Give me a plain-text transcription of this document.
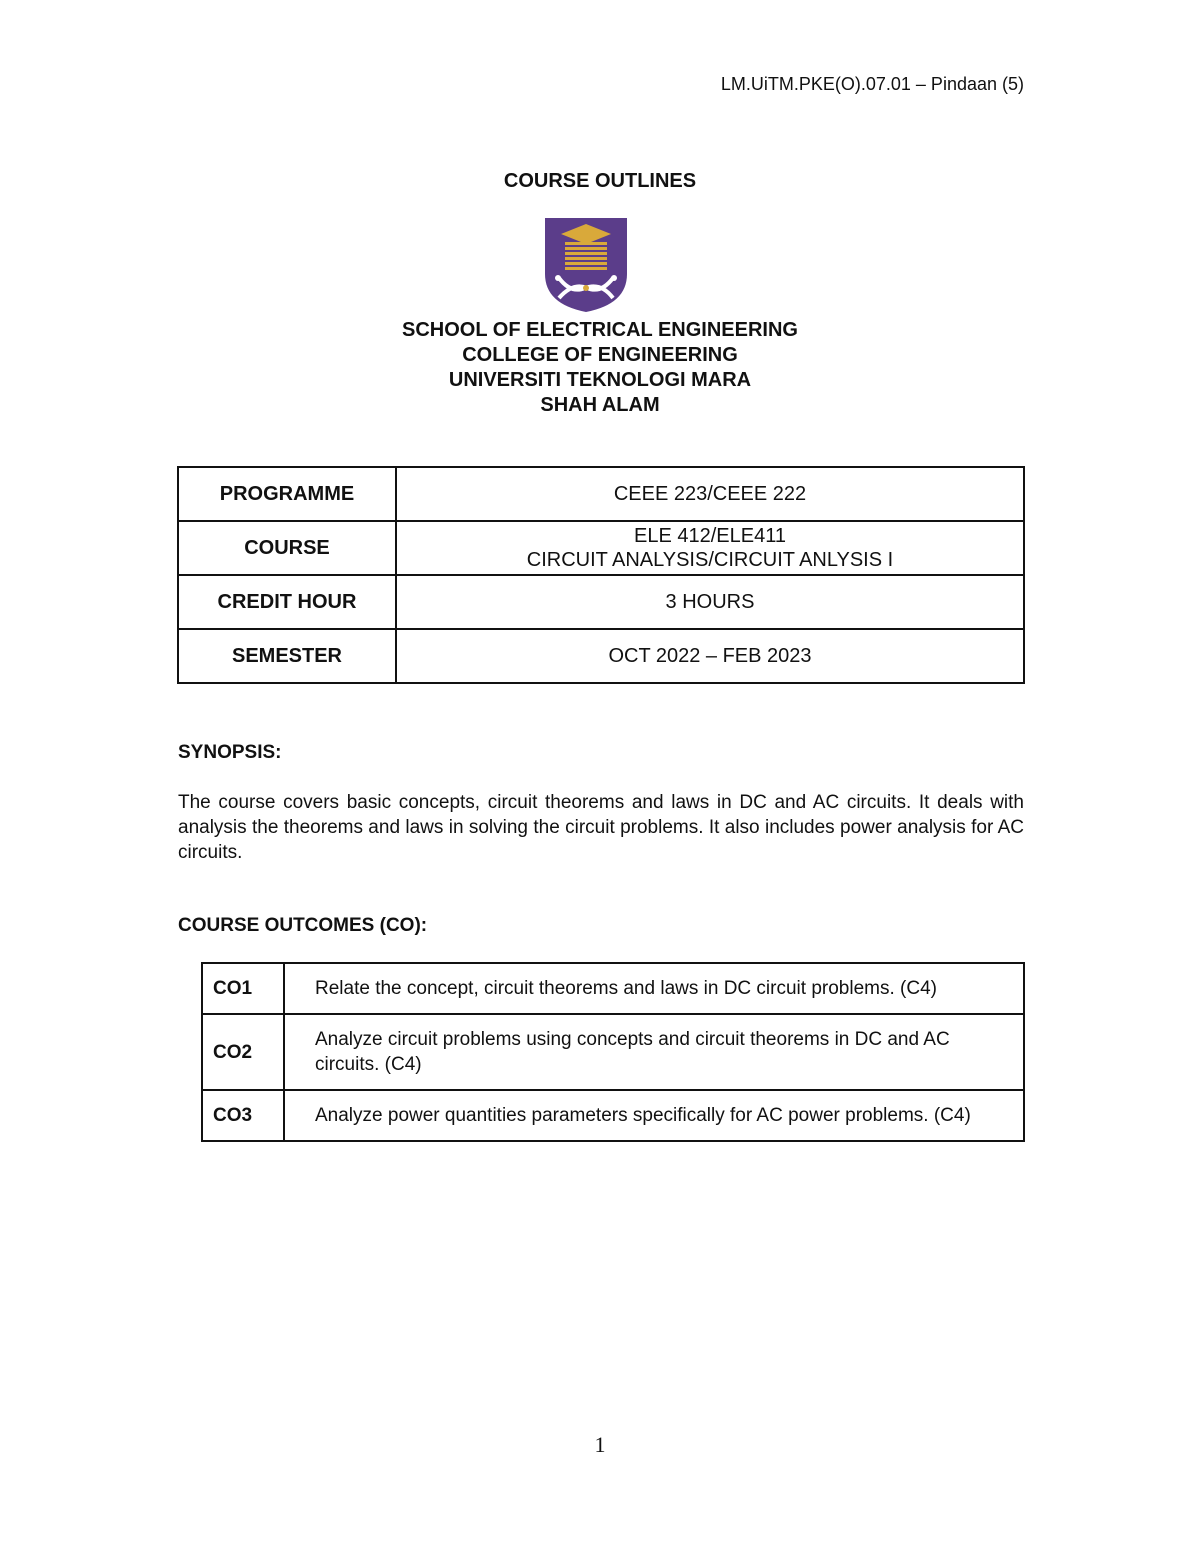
LM.UiTM.PKE(O).07.01 – Pindaan (5)
COURSE OUTLINES
SCHOOL OF ELECTRICAL ENGINEERING
COLLEGE OF ENGINEERING
UNIVERSITI TEKNOLOGI MARA
SHAH ALAM
PROGRAMME	CEEE 223/CEEE 222
COURSE	ELE 412/ELE411
CIRCUIT ANALYSIS/CIRCUIT ANLYSIS I

CREDIT HOUR	3 HOURS
SEMESTER	OCT 2022 – FEB 2023
SYNOPSIS:
The course covers basic concepts, circuit theorems and laws in DC and AC circuits. It deals with analysis the theorems and laws in solving the circuit problems. It also includes power analysis for AC circuits.
COURSE OUTCOMES (CO):
CO1	Relate the concept, circuit theorems and laws in DC circuit problems. (C4)
CO2	Analyze circuit problems using concepts and circuit theorems in DC and AC circuits. (C4)
CO3	Analyze power quantities parameters specifically for AC power problems. (C4)
1
